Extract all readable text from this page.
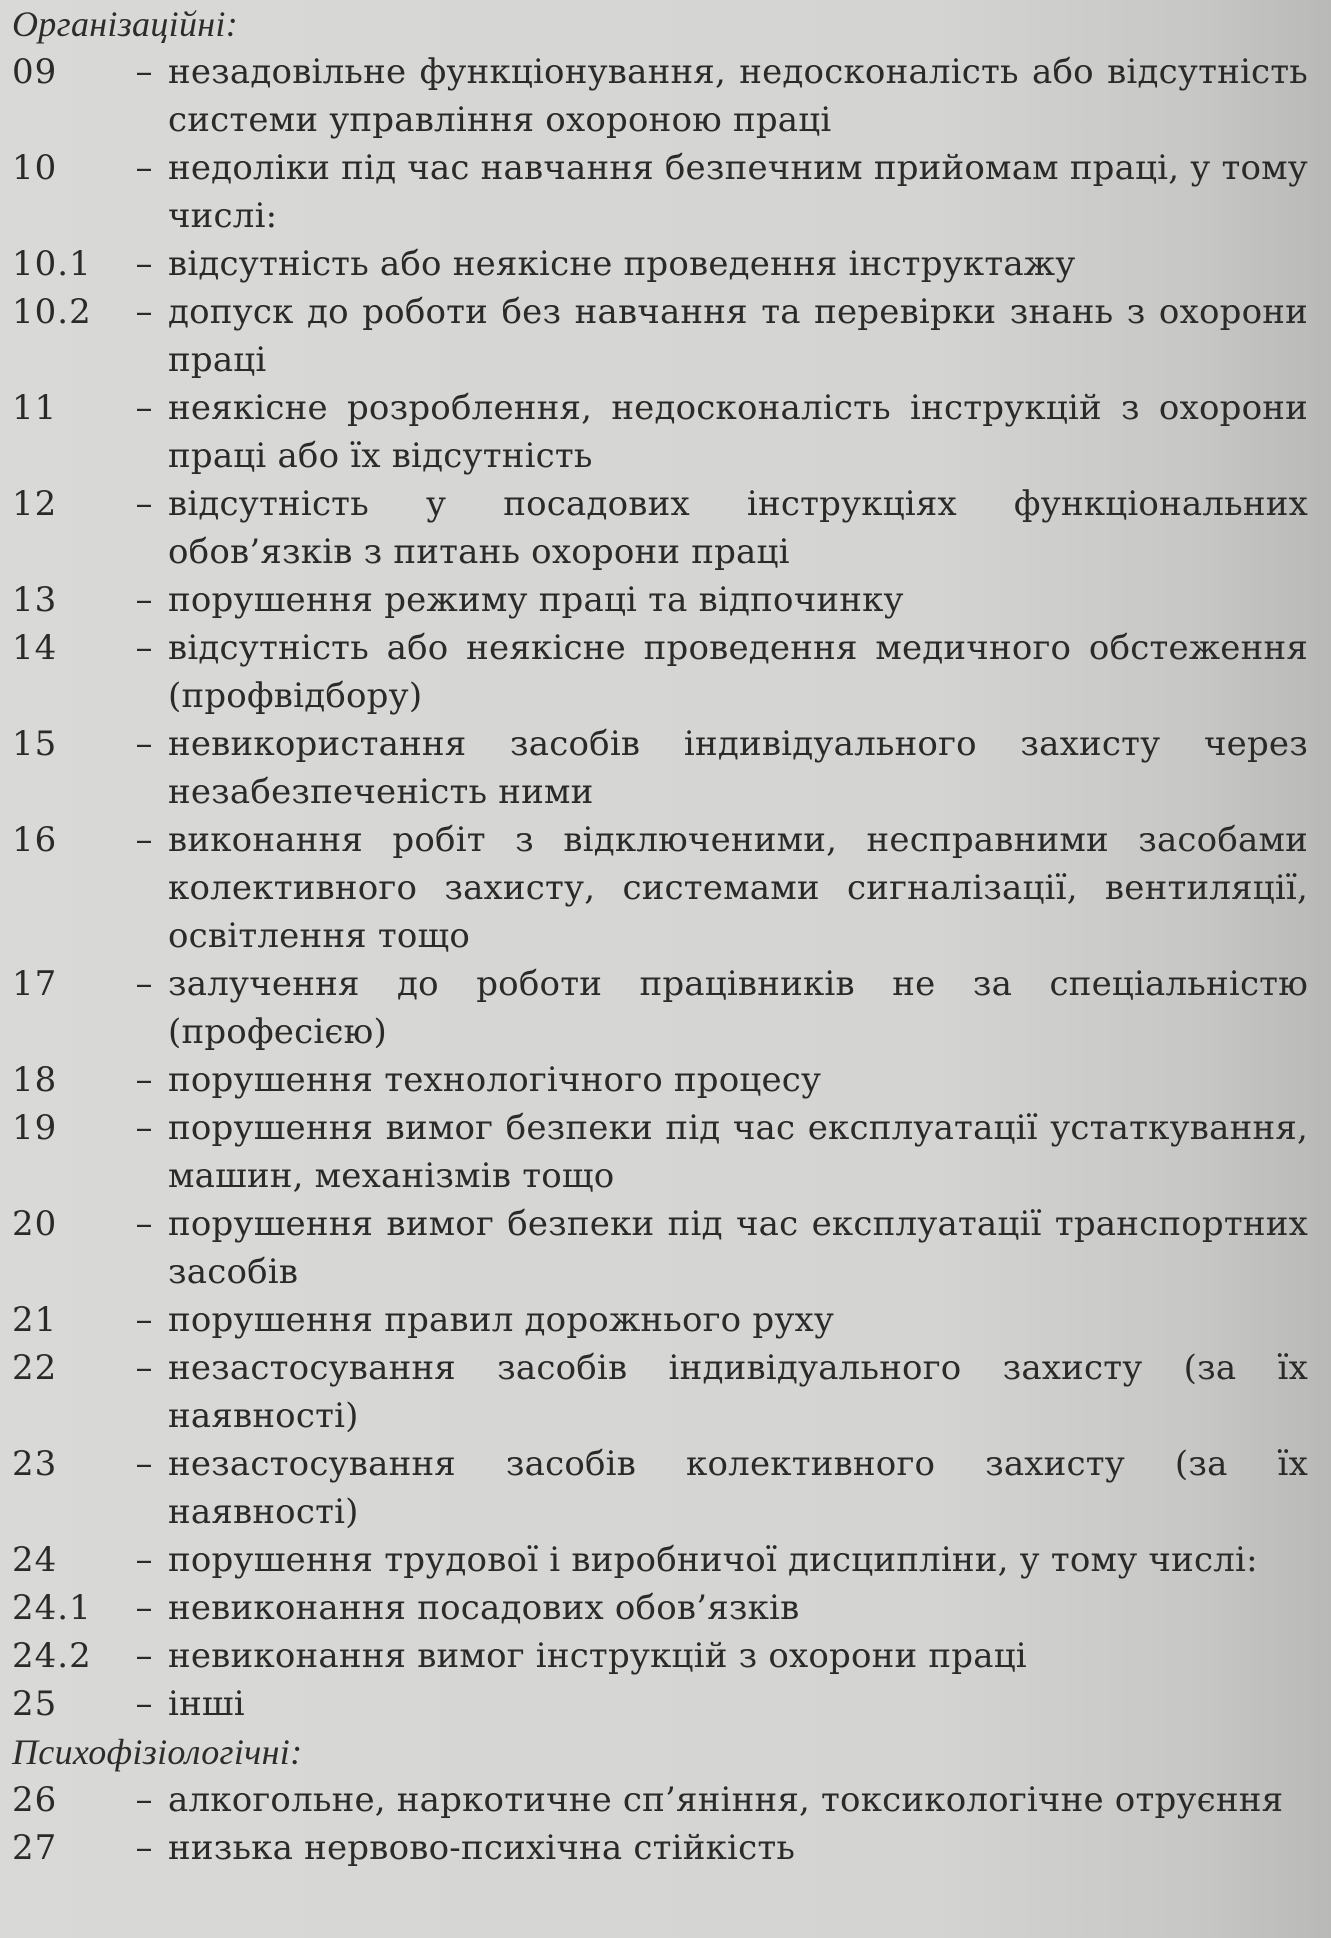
Організаційні:
09	– незадовільне функціонування, недосконалість або відсутність системи управління охороною праці
10	– недоліки під час навчання безпечним прийомам праці, у тому числі:
10.1	– відсутність або неякісне проведення інструктажу
10.2	– допуск до роботи без навчання та перевірки знань з охорони праці
11	– неякісне розроблення, недосконалість інструкцій з охорони праці або їх відсутність
12	– відсутність у посадових інструкціях функціональних обов’язків з питань охорони праці
13	– порушення режиму праці та відпочинку
14	– відсутність або неякісне проведення медичного обстеження (профвідбору)
15	– невикористання засобів індивідуального захисту через незабезпеченість ними
16	– виконання робіт з відключеними, несправними засобами колективного захисту, системами сигналізації, вентиляції, освітлення тощо
17	– залучення до роботи працівників не за спеціальністю (професією)
18	– порушення технологічного процесу
19	– порушення вимог безпеки під час експлуатації устаткування, машин, механізмів тощо
20	– порушення вимог безпеки під час експлуатації транспортних засобів
21	– порушення правил дорожнього руху
22	– незастосування засобів індивідуального захисту (за їх наявності)
23	– незастосування засобів колективного захисту (за їх наявності)
24	– порушення трудової і виробничої дисципліни, у тому числі:
24.1	– невиконання посадових обов’язків
24.2	– невиконання вимог інструкцій з охорони праці
25	– інші
Психофізіологічні:
26	– алкогольне, наркотичне сп’яніння, токсикологічне отруєння
27	– низька нервово-психічна стійкість
